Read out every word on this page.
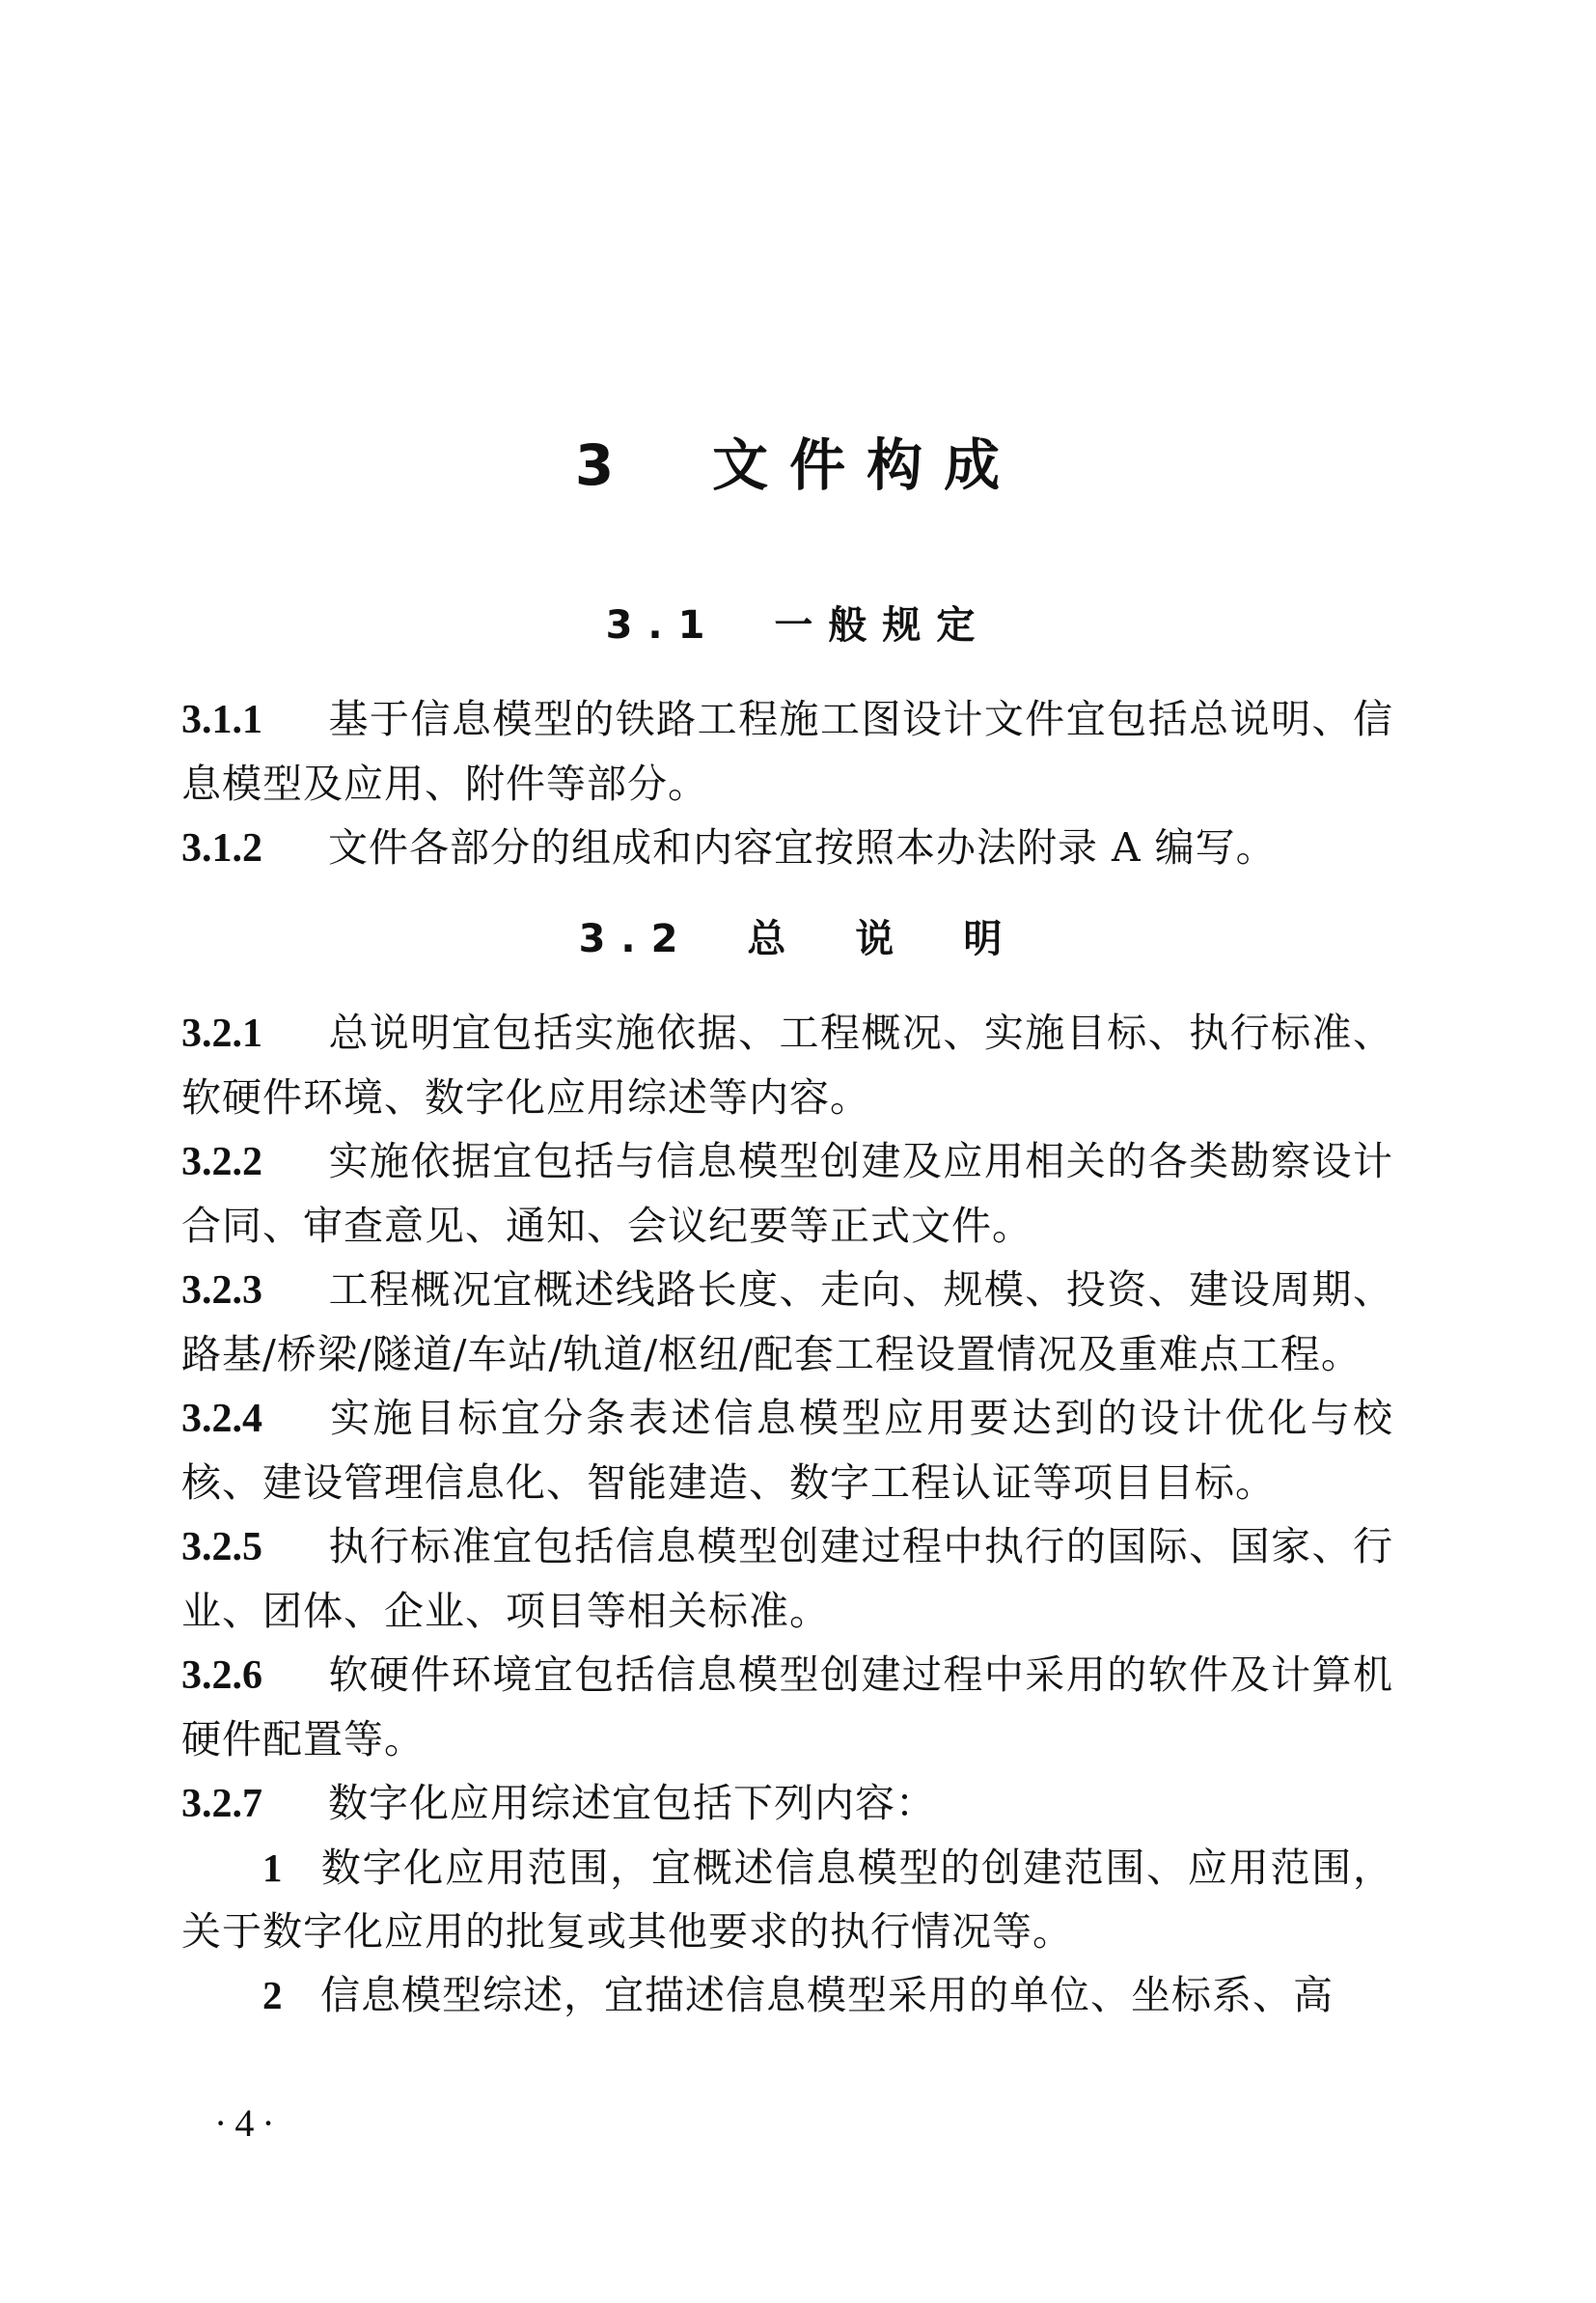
3　文件构成
3.1　一般规定

3.1.1 基于信息模型的铁路工程施工图设计文件宜包括总说明、信息模型及应用、附件等部分。

3.1.2 文件各部分的组成和内容宜按照本办法附录 A 编写。

3.2　总　说　明

3.2.1 总说明宜包括实施依据、工程概况、实施目标、执行标准、软硬件环境、数字化应用综述等内容。

3.2.2 实施依据宜包括与信息模型创建及应用相关的各类勘察设计合同、审查意见、通知、会议纪要等正式文件。

3.2.3 工程概况宜概述线路长度、走向、规模、投资、建设周期、路基/桥梁/隧道/车站/轨道/枢纽/配套工程设置情况及重难点工程。

3.2.4 实施目标宜分条表述信息模型应用要达到的设计优化与校核、建设管理信息化、智能建造、数字工程认证等项目目标。

3.2.5 执行标准宜包括信息模型创建过程中执行的国际、国家、行业、团体、企业、项目等相关标准。

3.2.6 软硬件环境宜包括信息模型创建过程中采用的软件及计算机硬件配置等。

3.2.7 数字化应用综述宜包括下列内容：

1 数字化应用范围，宜概述信息模型的创建范围、应用范围，关于数字化应用的批复或其他要求的执行情况等。

2 信息模型综述，宜描述信息模型采用的单位、坐标系、高

·4·
